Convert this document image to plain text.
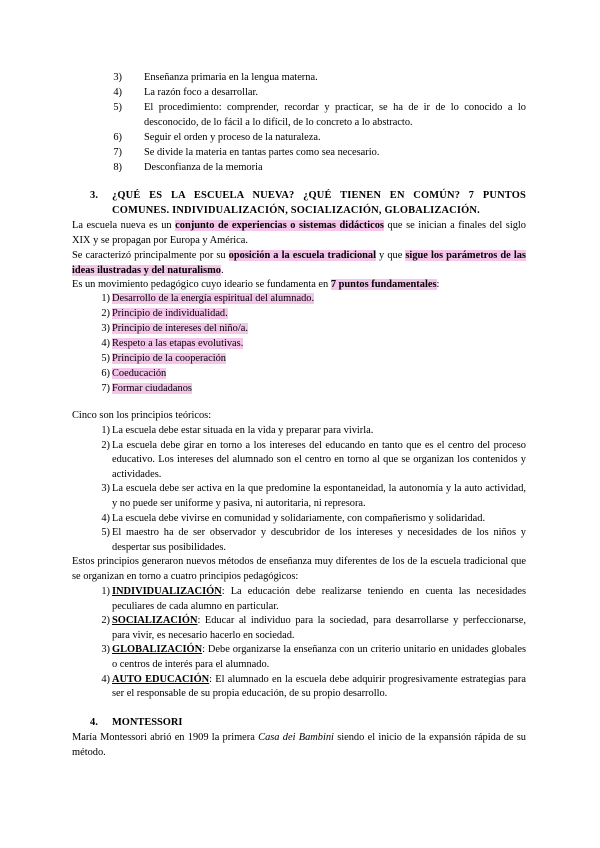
3) Enseñanza primaria en la lengua materna.
4) La razón foco a desarrollar.
5) El procedimiento: comprender, recordar y practicar, se ha de ir de lo conocido a lo desconocido, de lo fácil a lo difícil, de lo concreto a lo abstracto.
6) Seguir el orden y proceso de la naturaleza.
7) Se divide la materia en tantas partes como sea necesario.
8) Desconfianza de la memoria
3. ¿QUÉ ES LA ESCUELA NUEVA? ¿QUÉ TIENEN EN COMÚN? 7 PUNTOS COMUNES. INDIVIDUALIZACIÓN, SOCIALIZACIÓN, GLOBALIZACIÓN.

La escuela nueva es un conjunto de experiencias o sistemas didácticos que se inician a finales del siglo XIX y se propagan por Europa y América.

Se caracterizó principalmente por su oposición a la escuela tradicional y que sigue los parámetros de las ideas ilustradas y del naturalismo.

Es un movimiento pedagógico cuyo ideario se fundamenta en 7 puntos fundamentales:

1) Desarrollo de la energía espiritual del alumnado.
2) Principio de individualidad.
3) Principio de intereses del niño/a.
4) Respeto a las etapas evolutivas.
5) Principio de la cooperación
6) Coeducación
7) Formar ciudadanos

Cinco son los principios teóricos:

1) La escuela debe estar situada en la vida y preparar para vivirla.
2) La escuela debe girar en torno a los intereses del educando en tanto que es el centro del proceso educativo. Los intereses del alumnado son el centro en torno al que se organizan los contenidos y actividades.
3) La escuela debe ser activa en la que predomine la espontaneidad, la autonomía y la auto actividad, y no puede ser uniforme y pasiva, ni autoritaria, ni represora.
4) La escuela debe vivirse en comunidad y solidariamente, con compañerismo y solidaridad.
5) El maestro ha de ser observador y descubridor de los intereses y necesidades de los niños y despertar sus posibilidades.

Estos principios generaron nuevos métodos de enseñanza muy diferentes de los de la escuela tradicional que se organizan en torno a cuatro principios pedagógicos:

1) INDIVIDUALIZACIÓN: La educación debe realizarse teniendo en cuenta las necesidades peculiares de cada alumno en particular.
2) SOCIALIZACIÓN: Educar al individuo para la sociedad, para desarrollarse y perfeccionarse, para vivir, es necesario hacerlo en sociedad.
3) GLOBALIZACIÓN: Debe organizarse la enseñanza con un criterio unitario en unidades globales o centros de interés para el alumnado.
4) AUTO EDUCACIÓN: El alumnado en la escuela debe adquirir progresivamente estrategias para ser el responsable de su propia educación, de su propio desarrollo.
4. MONTESSORI

María Montessori abrió en 1909 la primera Casa dei Bambini siendo el inicio de la expansión rápida de su método.
